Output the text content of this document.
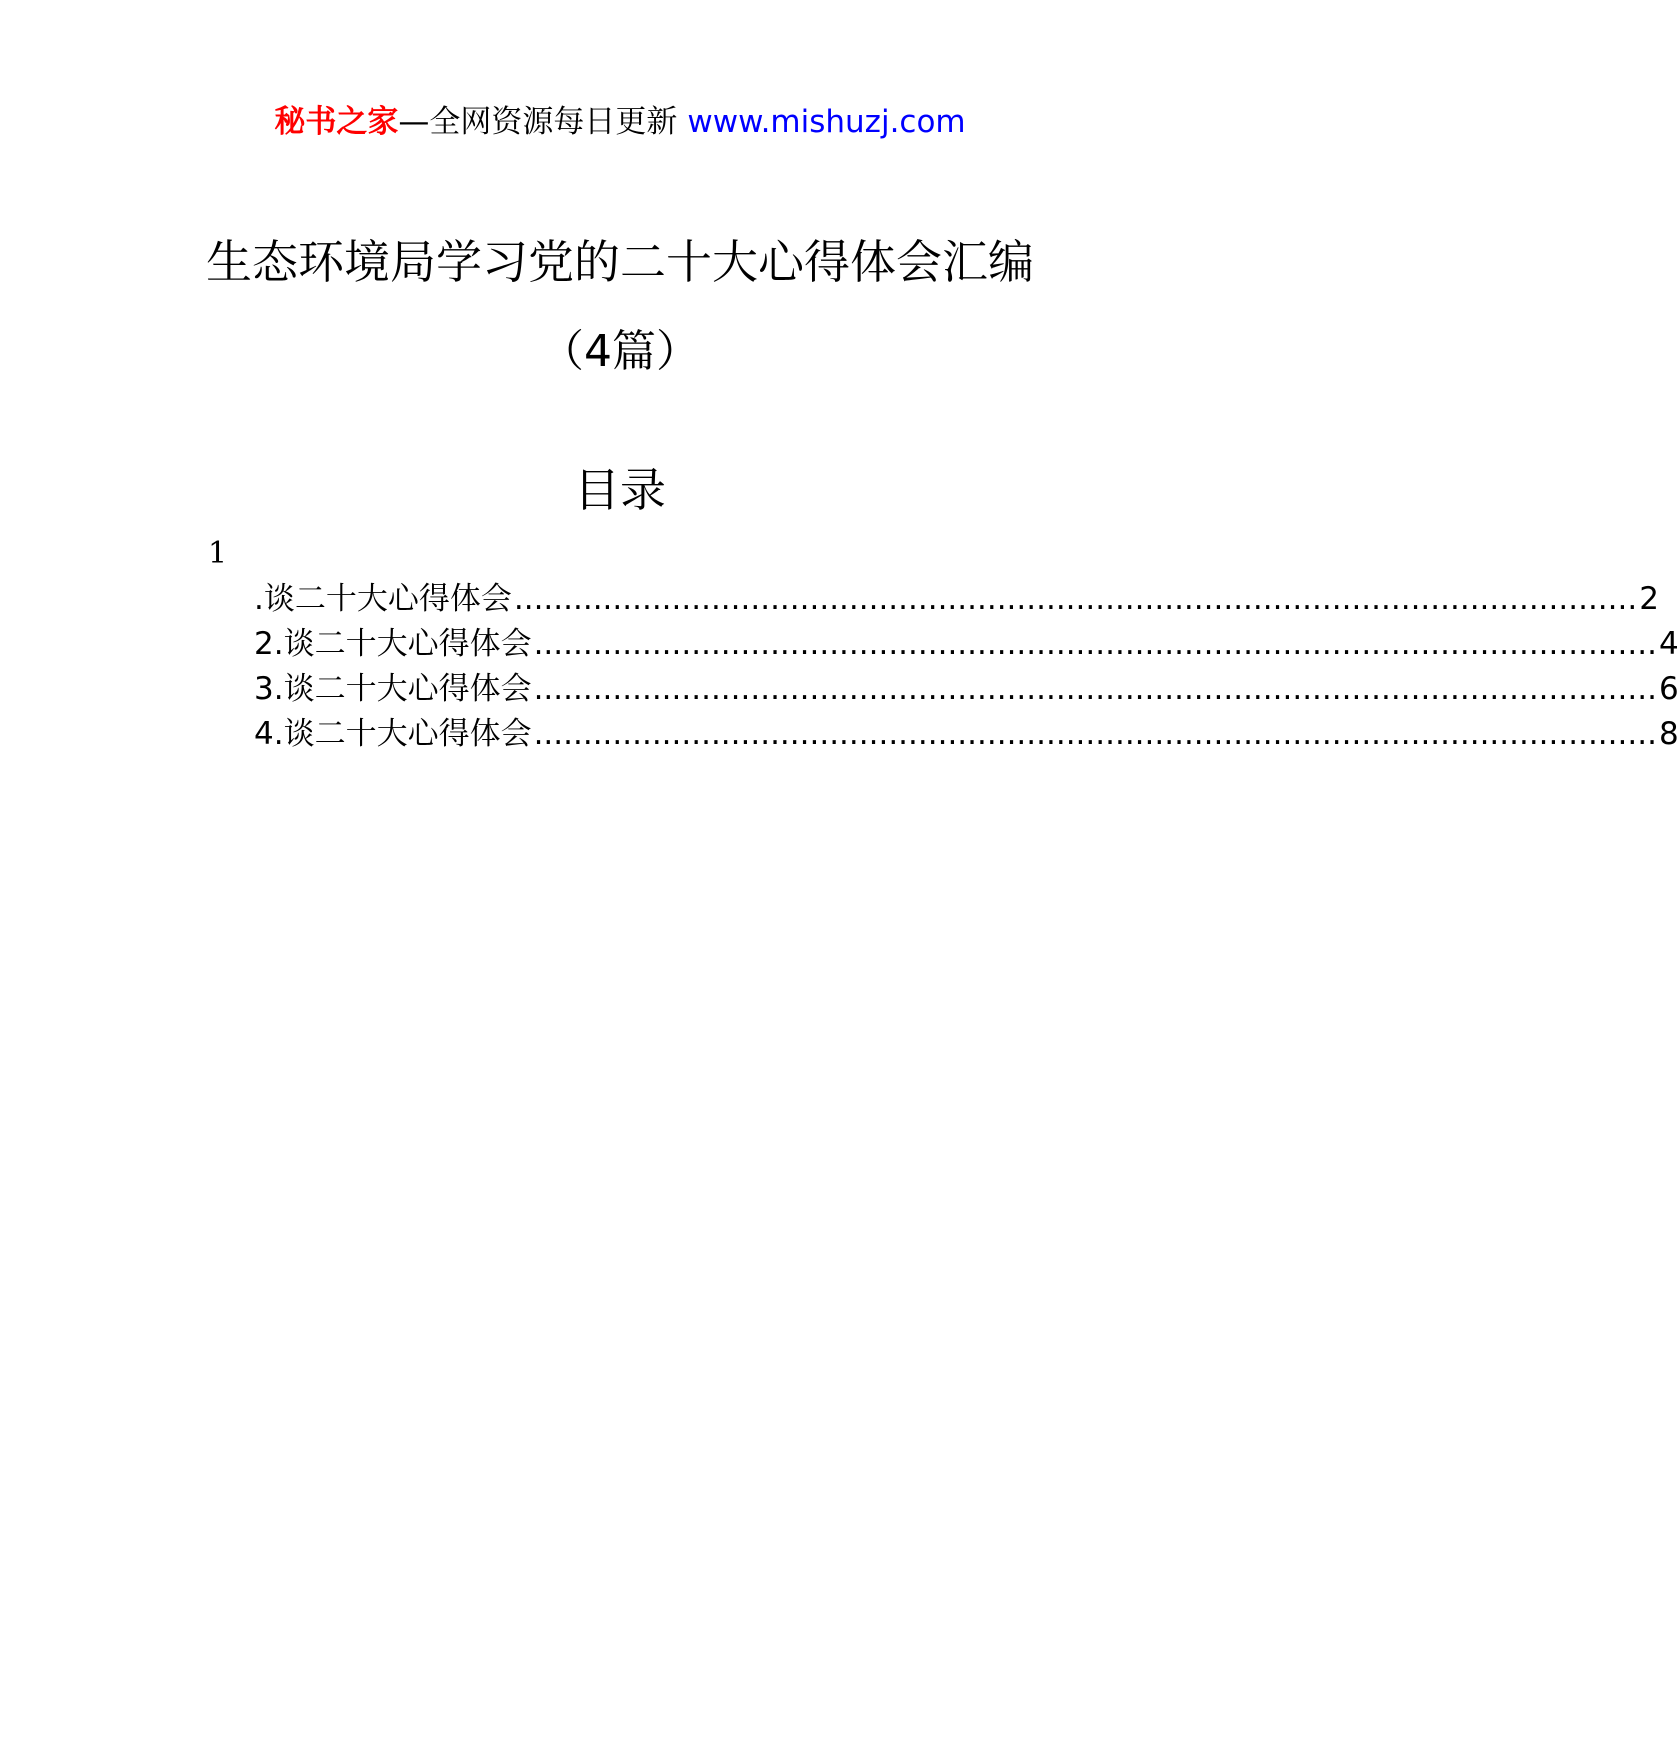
秘书之家—全网资源每日更新 www.mishuzj.com
生态环境局学习党的二十大心得体会汇编
（4篇）
目录
1
.谈二十大心得体会 .................................................................................................................. 2
2.谈二十大心得体会 .................................................................................................................. 4
3.谈二十大心得体会 .................................................................................................................. 6
4.谈二十大心得体会 .................................................................................................................. 8
